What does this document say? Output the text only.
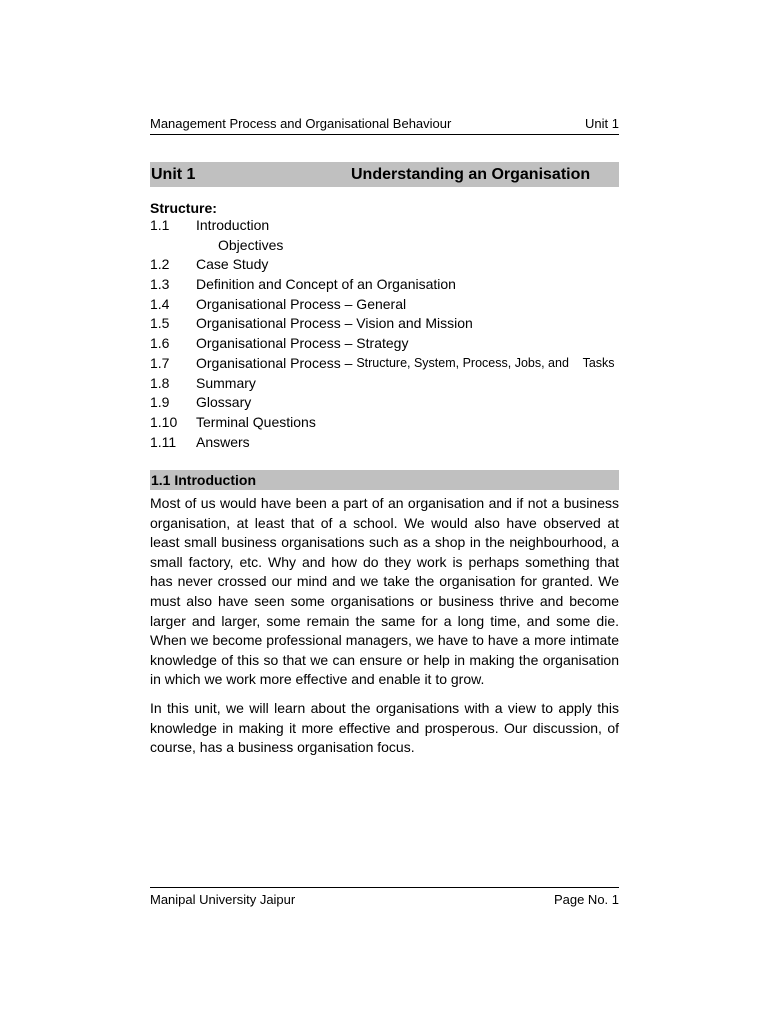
Management Process and Organisational Behaviour	Unit 1
Unit 1	Understanding an Organisation
Structure:
1.1	Introduction
Objectives
1.2	Case Study
1.3	Definition and Concept of an Organisation
1.4	Organisational Process – General
1.5	Organisational Process – Vision and Mission
1.6	Organisational Process – Strategy
1.7	Organisational Process – Structure, System, Process, Jobs, and    Tasks
1.8	Summary
1.9	Glossary
1.10	Terminal Questions
1.11	Answers
1.1 Introduction

Most of us would have been a part of an organisation and if not a business organisation, at least that of a school. We would also have observed at least small business organisations such as a shop in the neighbourhood, a small factory, etc. Why and how do they work is perhaps something that has never crossed our mind and we take the organisation for granted. We must also have seen some organisations or business thrive and become larger and larger, some remain the same for a long time, and some die. When we become professional managers, we have to have a more intimate knowledge of this so that we can ensure or help in making the organisation in which we work more effective and enable it to grow.

In this unit, we will learn about the organisations with a view to apply this knowledge in making it more effective and prosperous. Our discussion, of course, has a business organisation focus.

Manipal University Jaipur	Page No. 1
